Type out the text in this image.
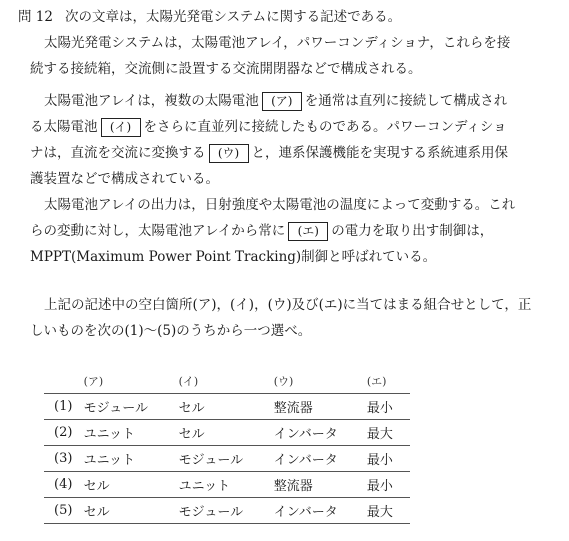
問 12 次の文章は，太陽光発電システムに関する記述である。
太陽光発電システムは，太陽電池アレイ，パワーコンディショナ，これらを接
続する接続箱，交流側に設置する交流開閉器などで構成される。
太陽電池アレイは，複数の太陽電池 (ア) を通常は直列に接続して構成され
る太陽電池 (イ) をさらに直並列に接続したものである。パワーコンディショ
ナは，直流を交流に変換する (ウ) と，連系保護機能を実現する系統連系用保
護装置などで構成されている。
太陽電池アレイの出力は，日射強度や太陽電池の温度によって変動する。これ
らの変動に対し，太陽電池アレイから常に (エ) の電力を取り出す制御は，
MPPT(Maximum Power Point Tracking)制御と呼ばれている。
上記の記述中の空白箇所(ア)，(イ)，(ウ)及び(エ)に当てはまる組合せとして，正
しいものを次の(1)～(5)のうちから一つ選べ。
	(ア)	(イ)	(ウ)	(エ)
(1)	モジュール	セル	整流器	最小
(2)	ユニット	セル	インバータ	最大
(3)	ユニット	モジュール	インバータ	最小
(4)	セル	ユニット	整流器	最小
(5)	セル	モジュール	インバータ	最大
